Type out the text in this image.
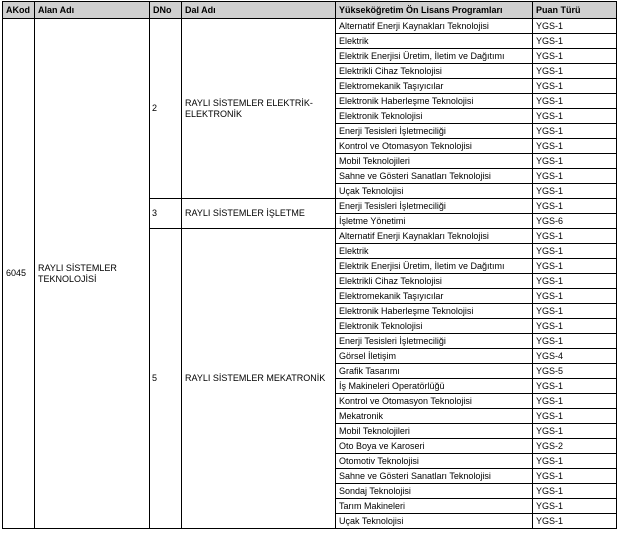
AKod	Alan Adı	DNo	Dal Adı	Yükseköğretim Ön Lisans Programları	Puan Türü
6045	RAYLI SİSTEMLER TEKNOLOJİSİ	2	RAYLI SİSTEMLER ELEKTRİK-ELEKTRONİK	Alternatif Enerji Kaynakları Teknolojisi	YGS-1
				Elektrik	YGS-1
				Elektrik Enerjisi Üretim, İletim ve Dağıtımı	YGS-1
				Elektrikli Cihaz Teknolojisi	YGS-1
				Elektromekanik Taşıyıcılar	YGS-1
				Elektronik Haberleşme Teknolojisi	YGS-1
				Elektronik Teknolojisi	YGS-1
				Enerji Tesisleri İşletmeciliği	YGS-1
				Kontrol ve Otomasyon Teknolojisi	YGS-1
				Mobil Teknolojileri	YGS-1
				Sahne ve Gösteri Sanatları Teknolojisi	YGS-1
				Uçak Teknolojisi	YGS-1
		3	RAYLI SİSTEMLER İŞLETME	Enerji Tesisleri İşletmeciliği	YGS-1
				İşletme Yönetimi	YGS-6
		5	RAYLI SİSTEMLER MEKATRONİK	Alternatif Enerji Kaynakları Teknolojisi	YGS-1
				Elektrik	YGS-1
				Elektrik Enerjisi Üretim, İletim ve Dağıtımı	YGS-1
				Elektrikli Cihaz Teknolojisi	YGS-1
				Elektromekanik Taşıyıcılar	YGS-1
				Elektronik Haberleşme Teknolojisi	YGS-1
				Elektronik Teknolojisi	YGS-1
				Enerji Tesisleri İşletmeciliği	YGS-1
				Görsel İletişim	YGS-4
				Grafik Tasarımı	YGS-5
				İş Makineleri Operatörlüğü	YGS-1
				Kontrol ve Otomasyon Teknolojisi	YGS-1
				Mekatronik	YGS-1
				Mobil Teknolojileri	YGS-1
				Oto Boya ve Karoseri	YGS-2
				Otomotiv Teknolojisi	YGS-1
				Sahne ve Gösteri Sanatları Teknolojisi	YGS-1
				Sondaj Teknolojisi	YGS-1
				Tarım Makineleri	YGS-1
				Uçak Teknolojisi	YGS-1
